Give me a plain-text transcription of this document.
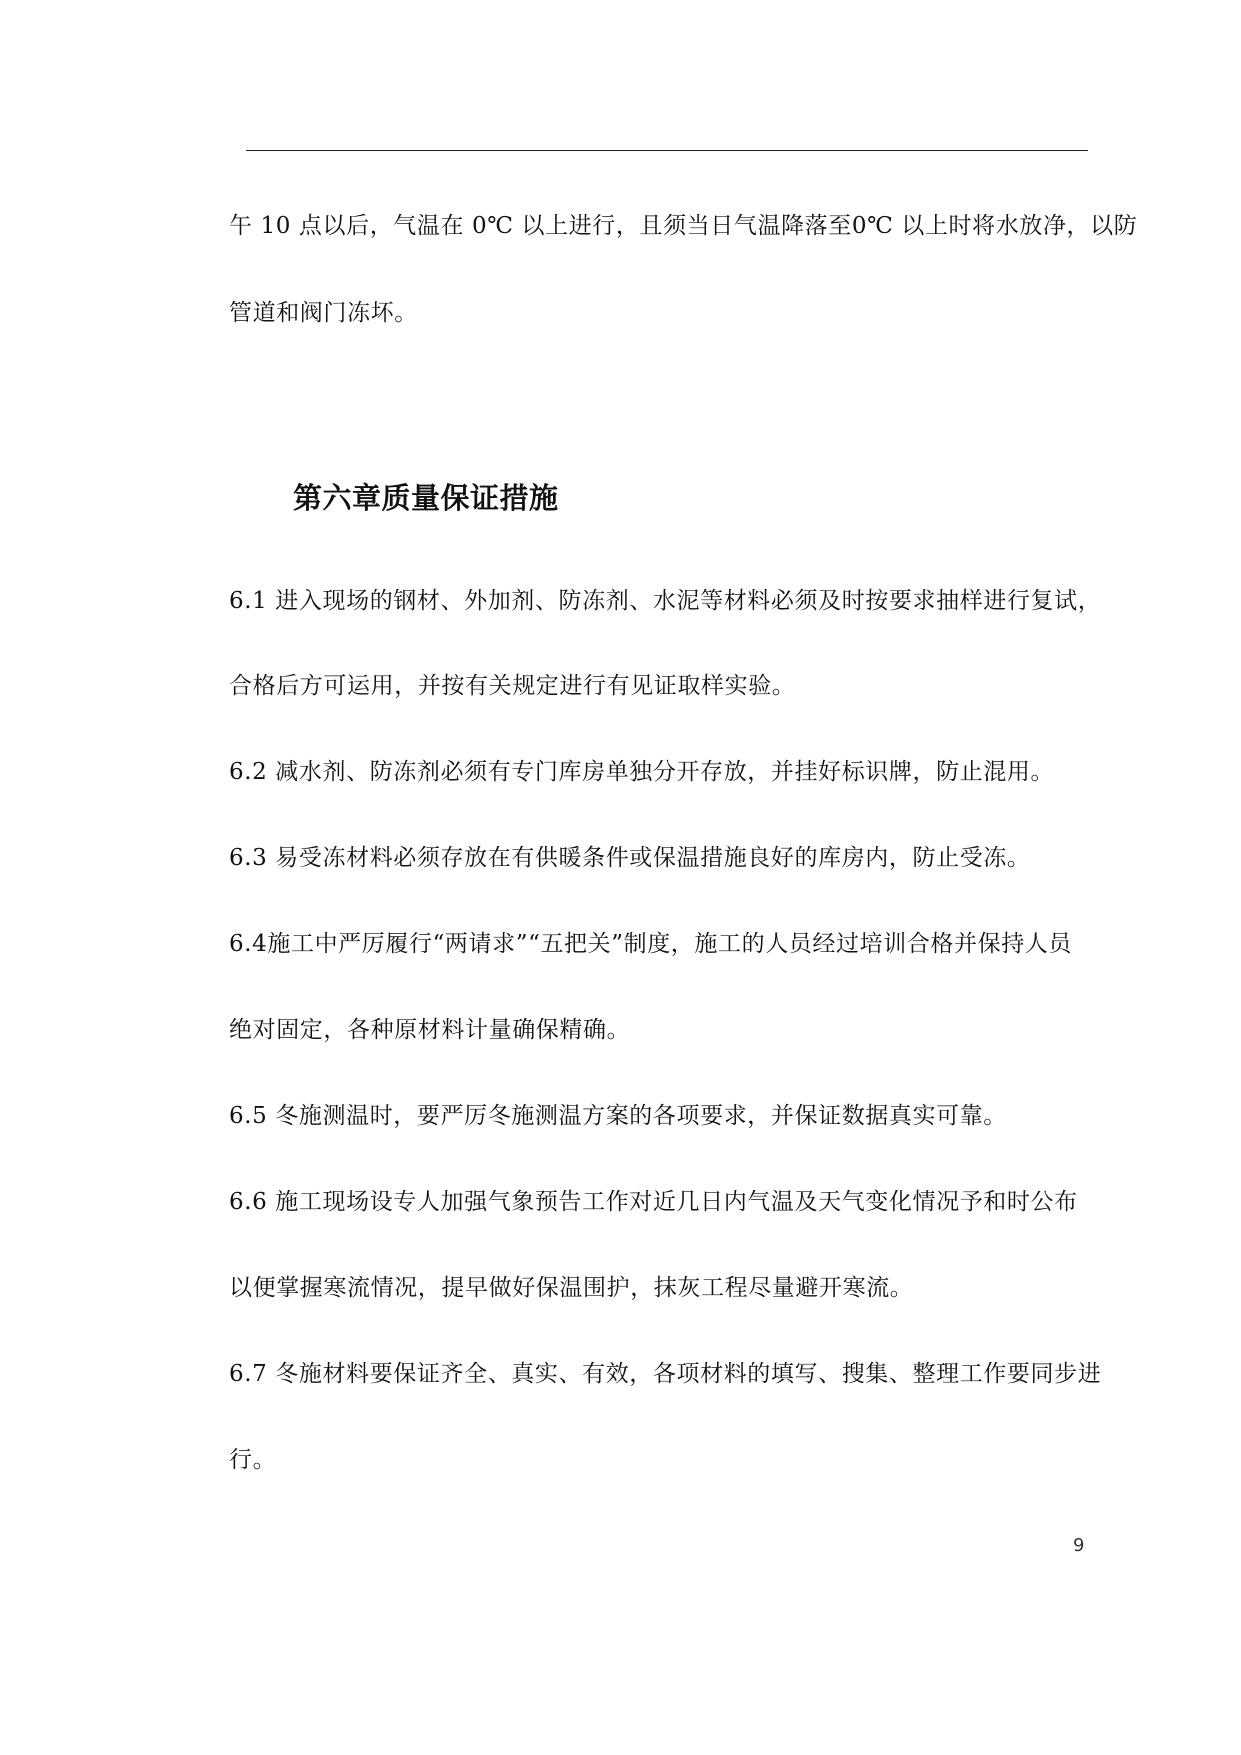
午 10 点以后，气温在 0℃ 以上进行，且须当日气温降落至0℃ 以上时将水放净，以防
管道和阀门冻坏。
第六章质量保证措施
6.1 进入现场的钢材、外加剂、防冻剂、水泥等材料必须及时按要求抽样进行复试，
合格后方可运用，并按有关规定进行有见证取样实验。
6.2 减水剂、防冻剂必须有专门库房单独分开存放，并挂好标识牌，防止混用。
6.3 易受冻材料必须存放在有供暖条件或保温措施良好的库房内，防止受冻。
6.4施工中严厉履行“两请求”“五把关”制度，施工的人员经过培训合格并保持人员
绝对固定，各种原材料计量确保精确。
6.5 冬施测温时，要严厉冬施测温方案的各项要求，并保证数据真实可靠。
6.6 施工现场设专人加强气象预告工作对近几日内气温及天气变化情况予和时公布
以便掌握寒流情况，提早做好保温围护，抹灰工程尽量避开寒流。
6.7 冬施材料要保证齐全、真实、有效，各项材料的填写、搜集、整理工作要同步进
行。
9
